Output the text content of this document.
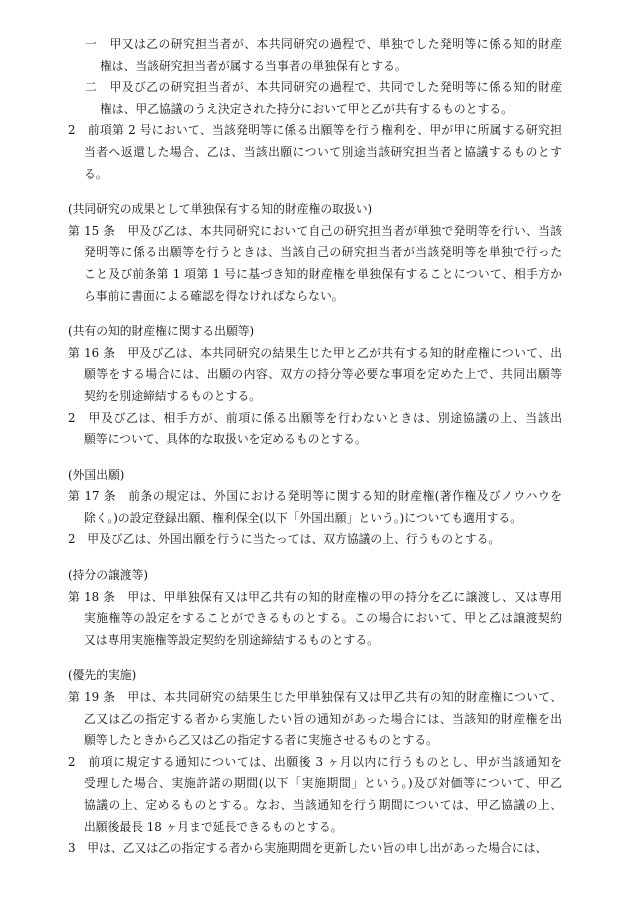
一　甲又は乙の研究担当者が、本共同研究の過程で、単独でした発明等に係る知的財産
権は、当該研究担当者が属する当事者の単独保有とする。
二　甲及び乙の研究担当者が、本共同研究の過程で、共同でした発明等に係る知的財産
権は、甲乙協議のうえ決定された持分において甲と乙が共有するものとする。
2　前項第 2 号において、当該発明等に係る出願等を行う権利を、甲が甲に所属する研究担
当者へ返還した場合、乙は、当該出願について別途当該研究担当者と協議するものとす
る。
(共同研究の成果として単独保有する知的財産権の取扱い)
第 15 条　甲及び乙は、本共同研究において自己の研究担当者が単独で発明等を行い、当該
発明等に係る出願等を行うときは、当該自己の研究担当者が当該発明等を単独で行った
こと及び前条第 1 項第 1 号に基づき知的財産権を単独保有することについて、相手方か
ら事前に書面による確認を得なければならない。
(共有の知的財産権に関する出願等)
第 16 条　甲及び乙は、本共同研究の結果生じた甲と乙が共有する知的財産権について、出
願等をする場合には、出願の内容、双方の持分等必要な事項を定めた上で、共同出願等
契約を別途締結するものとする。
2　甲及び乙は、相手方が、前項に係る出願等を行わないときは、別途協議の上、当該出
願等について、具体的な取扱いを定めるものとする。
(外国出願)
第 17 条　前条の規定は、外国における発明等に関する知的財産権(著作権及びノウハウを
除く。)の設定登録出願、権利保全(以下「外国出願」という。)についても適用する。
2　甲及び乙は、外国出願を行うに当たっては、双方協議の上、行うものとする。
(持分の譲渡等)
第 18 条　甲は、甲単独保有又は甲乙共有の知的財産権の甲の持分を乙に譲渡し、又は専用
実施権等の設定をすることができるものとする。この場合において、甲と乙は譲渡契約
又は専用実施権等設定契約を別途締結するものとする。
(優先的実施)
第 19 条　甲は、本共同研究の結果生じた甲単独保有又は甲乙共有の知的財産権について、
乙又は乙の指定する者から実施したい旨の通知があった場合には、当該知的財産権を出
願等したときから乙又は乙の指定する者に実施させるものとする。
2　前項に規定する通知については、出願後 3 ヶ月以内に行うものとし、甲が当該通知を
受理した場合、実施許諾の期間(以下「実施期間」という。)及び対価等について、甲乙
協議の上、定めるものとする。なお、当該通知を行う期間については、甲乙協議の上、
出願後最長 18 ヶ月まで延長できるものとする。
3　甲は、乙又は乙の指定する者から実施期間を更新したい旨の申し出があった場合には、
